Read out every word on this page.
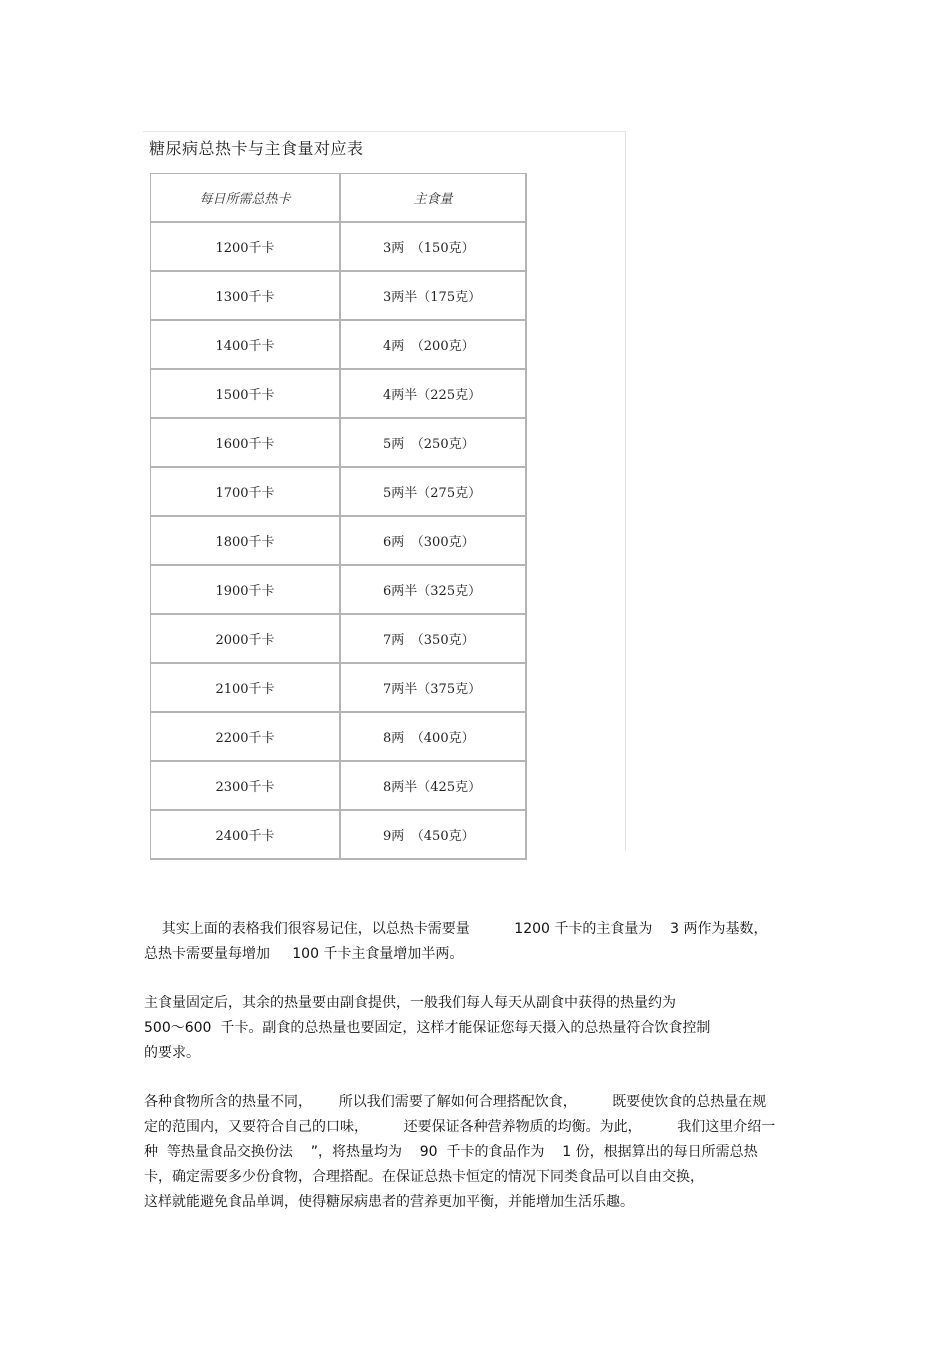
糖尿病总热卡与主食量对应表
每日所需总热卡	主食量
1200千卡	3两　（150克）
1300千卡	3两半（175克）
1400千卡	4两　（200克）
1500千卡	4两半（225克）
1600千卡	5两　（250克）
1700千卡	5两半（275克）
1800千卡	6两　（300克）
1900千卡	6两半（325克）
2000千卡	7两　（350克）
2100千卡	7两半（375克）
2200千卡	8两　（400克）
2300千卡	8两半（425克）
2400千卡	9两　（450克）

其实上面的表格我们很容易记住，以总热卡需要量          1200 千卡的主食量为    3 两作为基数，

总热卡需要量每增加     100 千卡主食量增加半两。

主食量固定后，其余的热量要由副食提供，一般我们每人每天从副食中获得的热量约为

500～600  千卡。副食的总热量也要固定，这样才能保证您每天摄入的总热量符合饮食控制

的要求。

各种食物所含的热量不同，      所以我们需要了解如何合理搭配饮食，        既要使饮食的总热量在规

定的范围内，又要符合自己的口味，        还要保证各种营养物质的均衡。为此，        我们这里介绍一

种  等热量食品交换份法    ”，将热量均为    90  千卡的食品作为    1 份，根据算出的每日所需总热

卡，确定需要多少份食物，合理搭配。在保证总热卡恒定的情况下同类食品可以自由交换，

这样就能避免食品单调，使得糖尿病患者的营养更加平衡，并能增加生活乐趣。
